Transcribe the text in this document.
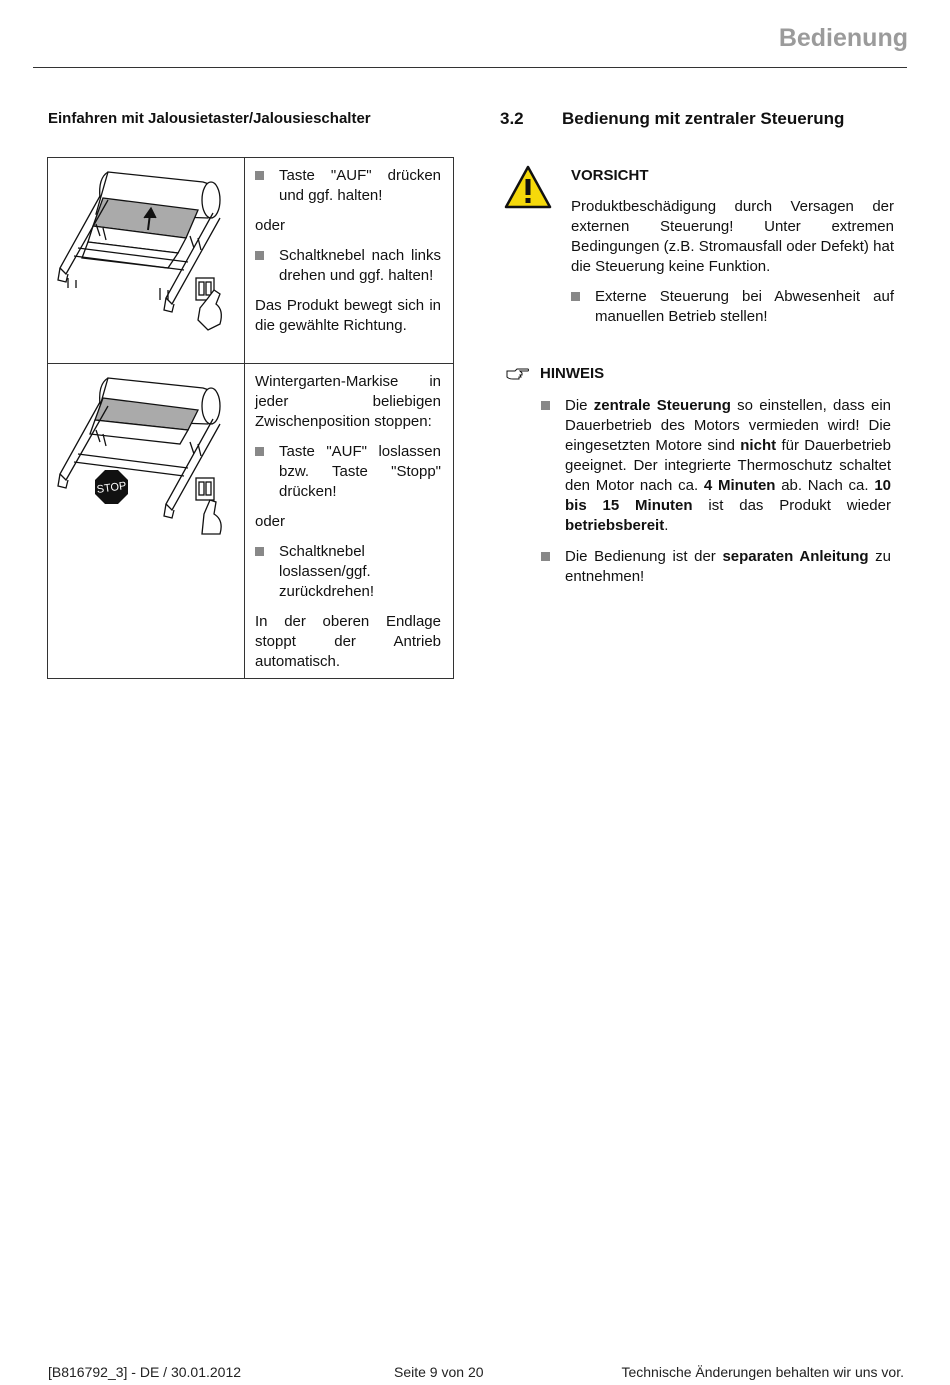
Bedienung
Einfahren mit Jalousietaster/Jalousieschalter

Taste "AUF" drücken und ggf. halten!
oder
Schaltknebel nach links drehen und ggf. halten!
Das Produkt bewegt sich in die gewählte Richtung.

STOP	Wintergarten-Markise in jeder beliebigen Zwischenposition stoppen:
Taste "AUF" loslassen bzw. Taste "Stopp" drücken!
oder
Schaltknebel loslassen/ggf. zurückdrehen!
In der oberen Endlage stoppt der Antrieb automatisch.
3.2 Bedienung mit zentraler Steuerung
VORSICHT
Produktbeschädigung durch Versagen der externen Steuerung! Unter extremen Bedingungen (z.B. Stromausfall oder Defekt) hat die Steuerung keine Funktion.
Externe Steuerung bei Abwesenheit auf manuellen Betrieb stellen!
HINWEIS
Die zentrale Steuerung so einstellen, dass ein Dauerbetrieb des Motors vermieden wird! Die eingesetzten Motore sind nicht für Dauerbetrieb geeignet. Der integrierte Thermoschutz schaltet den Motor nach ca. 4 Minuten ab. Nach ca. 10 bis 15 Minuten ist das Produkt wieder betriebsbereit.
Die Bedienung ist der separaten Anleitung zu entnehmen!
[B816792_3] - DE / 30.01.2012	Seite 9 von 20	Technische Änderungen behalten wir uns vor.
